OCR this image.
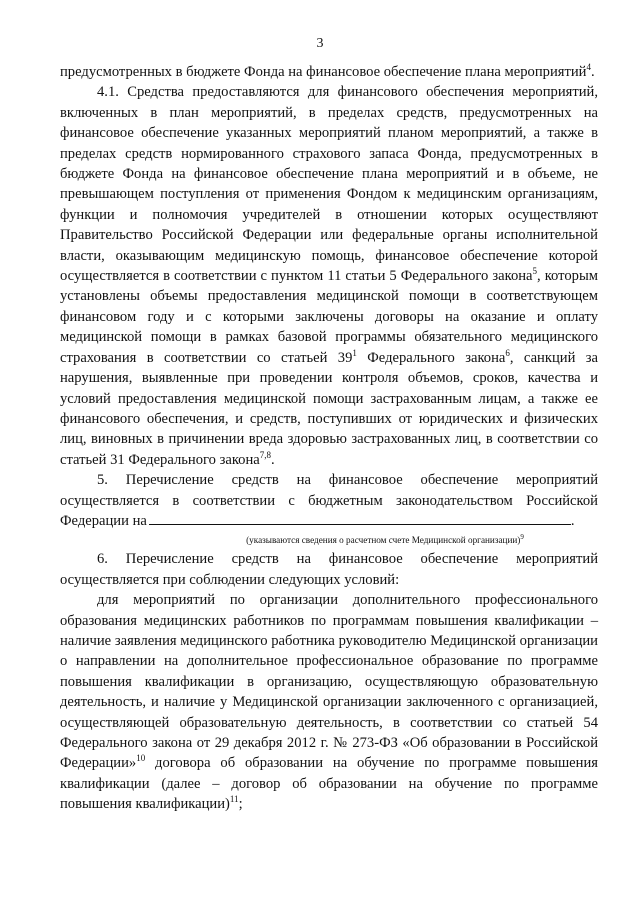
3

предусмотренных в бюджете Фонда на финансовое обеспечение плана мероприятий$^4$.

4.1. Средства предоставляются для финансового обеспечения мероприятий, включенных в план мероприятий, в пределах средств, предусмотренных на финансовое обеспечение указанных мероприятий планом мероприятий, а также в пределах средств нормированного страхового запаса Фонда, предусмотренных в бюджете Фонда на финансовое обеспечение плана мероприятий и в объеме, не превышающем поступления от применения Фондом к медицинским организациям, функции и полномочия учредителей в отношении которых осуществляют Правительство Российской Федерации или федеральные органы исполнительной власти, оказывающим медицинскую помощь, финансовое обеспечение которой осуществляется в соответствии с пунктом 11 статьи 5 Федерального закона$^5$, которым установлены объемы предоставления медицинской помощи в соответствующем финансовом году и с которыми заключены договоры на оказание и оплату медицинской помощи в рамках базовой программы обязательного медицинского страхования в соответствии со статьей $39^1$ Федерального закона$^6$, санкций за нарушения, выявленные при проведении контроля объемов, сроков, качества и условий предоставления медицинской помощи застрахованным лицам, а также ее финансового обеспечения, и средств, поступивших от юридических и физических лиц, виновных в причинении вреда здоровью застрахованных лиц, в соответствии со статьей 31 Федерального закона$^{7,8}$.

5. Перечисление средств на финансовое обеспечение мероприятий осуществляется в соответствии с бюджетным законодательством Российской Федерации на	.

(указываются сведения о расчетном счете Медицинской организации)$^9$

6. Перечисление средств на финансовое обеспечение мероприятий осуществляется при соблюдении следующих условий:

для мероприятий по организации дополнительного профессионального образования медицинских работников по программам повышения квалификации – наличие заявления медицинского работника руководителю Медицинской организации о направлении на дополнительное профессиональное образование по программе повышения квалификации в организацию, осуществляющую образовательную деятельность, и наличие у Медицинской организации заключенного с организацией, осуществляющей образовательную деятельность, в соответствии со статьей 54 Федерального закона от 29 декабря 2012 г. № 273-ФЗ «Об образовании в Российской Федерации»$^{10}$ договора об образовании на обучение по программе повышения квалификации (далее – договор об образовании на обучение по программе повышения квалификации)$^{11}$;
